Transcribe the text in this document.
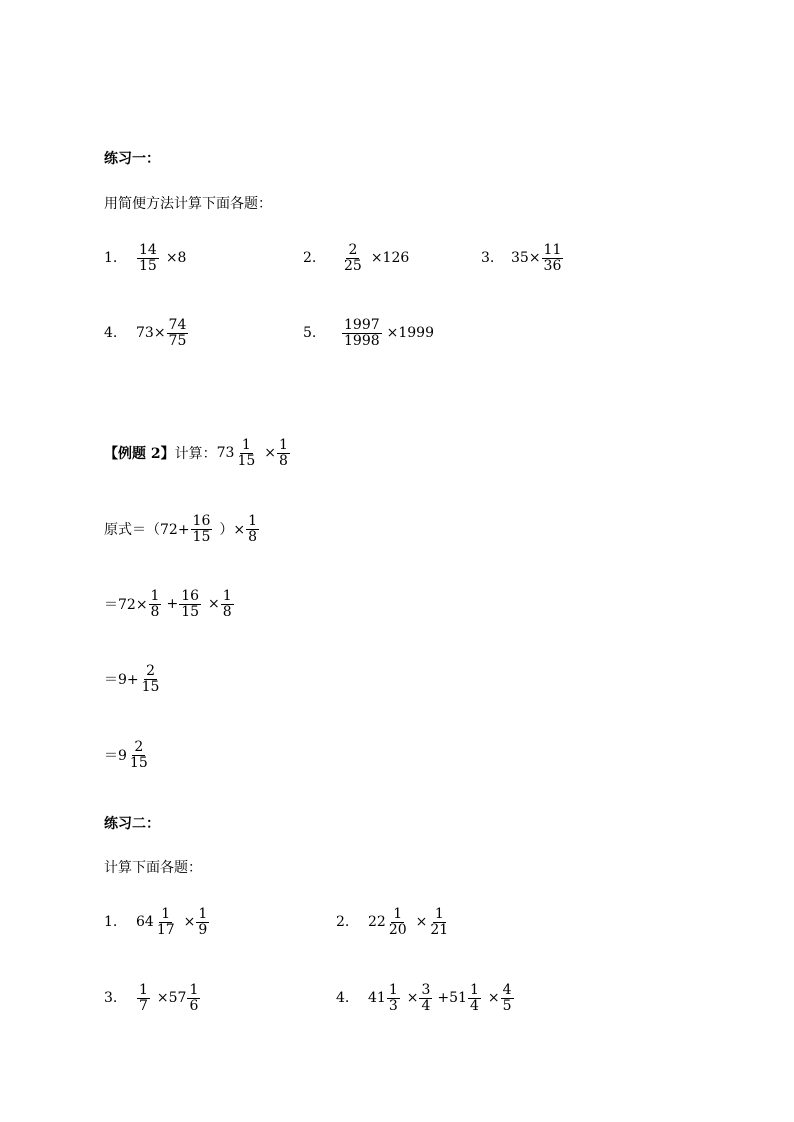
练习一：
用简便方法计算下面各题：
1.	$\frac{14}{15} \times 8$	2.	$\frac{2}{25} \times 126$	3.	$35\times \frac{11}{36}$
4.	$73\times \frac{74}{75}$	5.	$\frac{1997}{1998} \times 1999$
【例题 2】 计算： $73 \frac{1}{15} \times \frac{1}{8}$
原式$=(72+ \frac{16}{15}$ ）× $\frac{1}{8}$
$=72\times \frac{1}{8} + \frac{16}{15} \times \frac{1}{8}$
$=9+ \frac{2}{15}$
$=9 \frac{2}{15}$
练习二：
计算下面各题：
1.	$64 \frac{1}{17} \times \frac{1}{9}$	2.	$22 \frac{1}{20} \times \frac{1}{21}$
3.	$\frac{1}{7} \times 57 \frac{1}{6}$	4.	$41 \frac{1}{3} \times \frac{3}{4} +51 \frac{1}{4} \times \frac{4}{5}$
